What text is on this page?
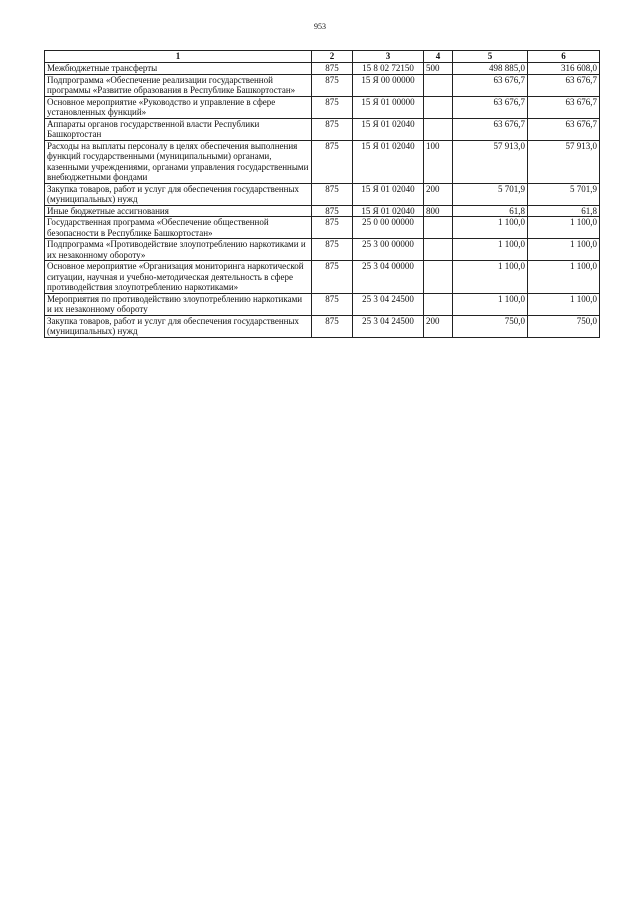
953
1	2	3	4	5	6
Межбюджетные трансферты	875	15 8 02 72150	500	498 885,0	316 608,0
Подпрограмма «Обеспечение реализации государственной программы «Развитие образования в Республике Башкортостан»	875	15 Я 00 00000		63 676,7	63 676,7
Основное мероприятие «Руководство и управление в сфере установленных функций»	875	15 Я 01 00000		63 676,7	63 676,7
Аппараты органов государственной власти Республики Башкортостан	875	15 Я 01 02040		63 676,7	63 676,7
Расходы на выплаты персоналу в целях обеспечения выполнения функций государственными (муниципальными) органами, казенными учреждениями, органами управления государственными внебюджетными фондами	875	15 Я 01 02040	100	57 913,0	57 913,0
Закупка товаров, работ и услуг для обеспечения государственных (муниципальных) нужд	875	15 Я 01 02040	200	5 701,9	5 701,9
Иные бюджетные ассигнования	875	15 Я 01 02040	800	61,8	61,8
Государственная программа «Обеспечение общественной безопасности в Республике Башкортостан»	875	25 0 00 00000		1 100,0	1 100,0
Подпрограмма «Противодействие злоупотреблению наркотиками и их незаконному обороту»	875	25 3 00 00000		1 100,0	1 100,0
Основное мероприятие «Организация мониторинга наркотической ситуации, научная и учебно-методическая деятельность в сфере противодействия злоупотреблению наркотиками»	875	25 3 04 00000		1 100,0	1 100,0
Мероприятия по противодействию злоупотреблению наркотиками и их незаконному обороту	875	25 3 04 24500		1 100,0	1 100,0
Закупка товаров, работ и услуг для обеспечения государственных (муниципальных) нужд	875	25 3 04 24500	200	750,0	750,0
